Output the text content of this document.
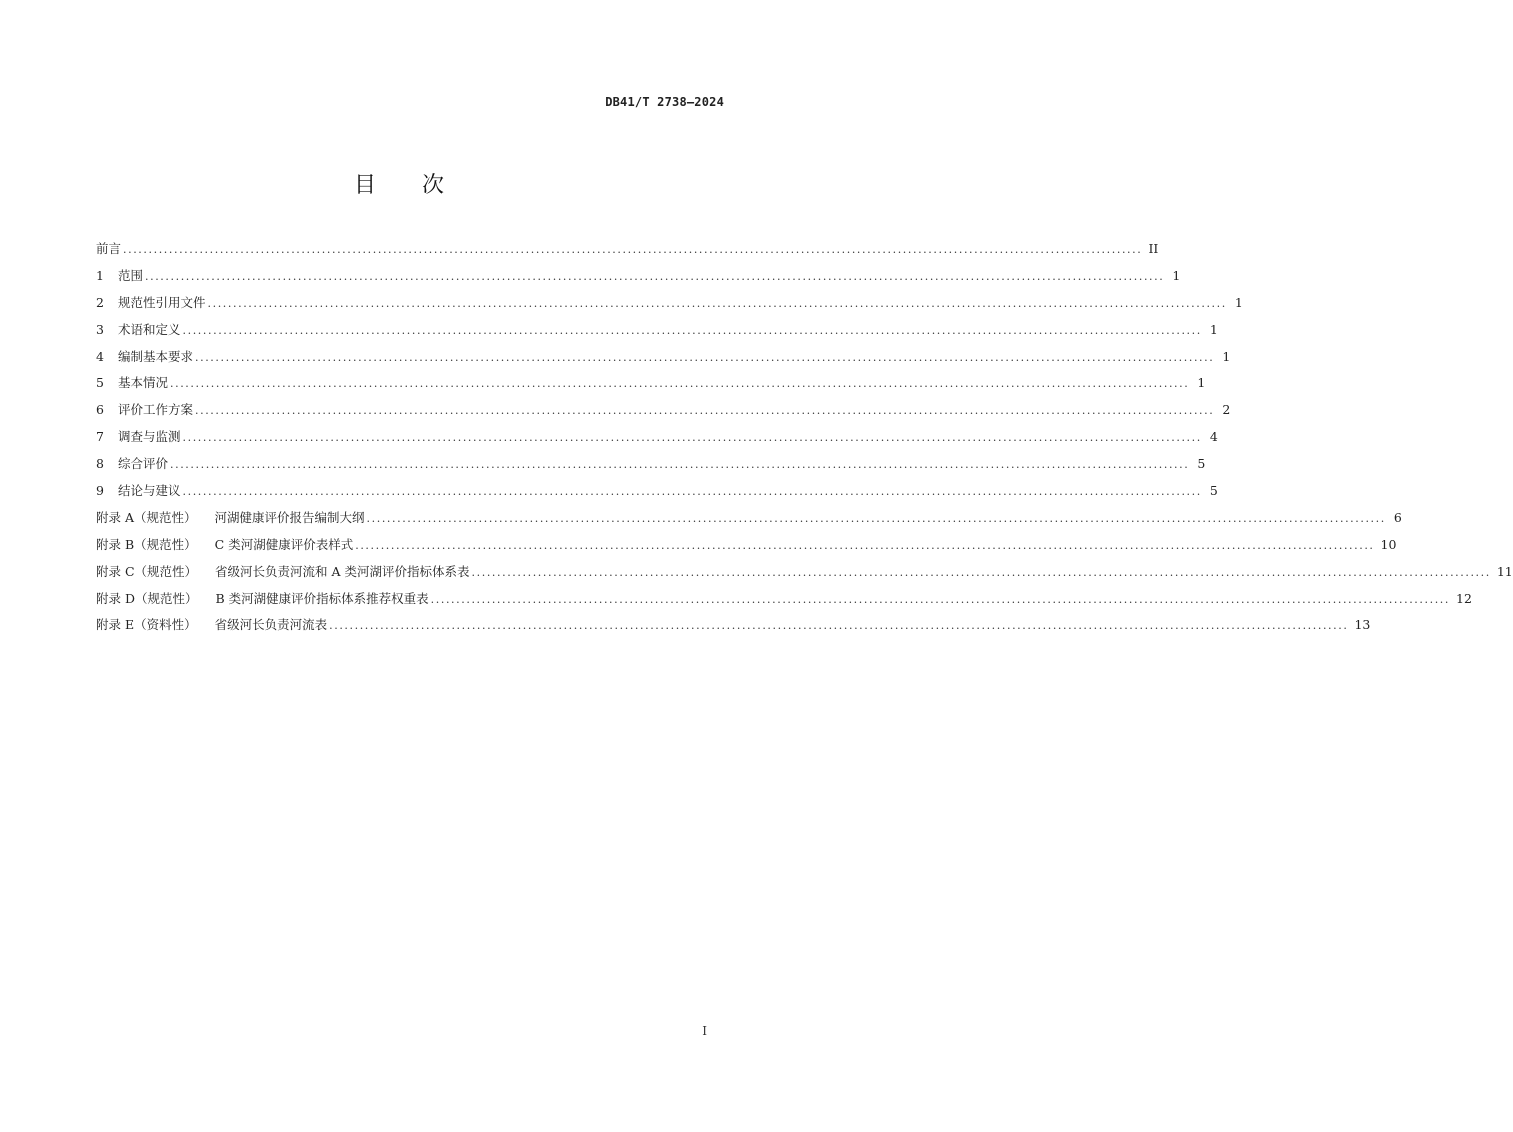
DB41/T 2738—2024
目 次
前言 ........................................................................................................................................................................................................ II
1	范围 ........................................................................................................................................................................................................ 1
2	规范性引用文件 ........................................................................................................................................................................................................ 1
3	术语和定义 ........................................................................................................................................................................................................ 1
4	编制基本要求 ........................................................................................................................................................................................................ 1
5	基本情况 ........................................................................................................................................................................................................ 1
6	评价工作方案 ........................................................................................................................................................................................................ 2
7	调查与监测 ........................................................................................................................................................................................................ 4
8	综合评价 ........................................................................................................................................................................................................ 5
9	结论与建议 ........................................................................................................................................................................................................ 5
附录 A（规范性） 河湖健康评价报告编制大纲 ........................................................................................................................................................................................................ 6
附录 B（规范性） C 类河湖健康评价表样式 ........................................................................................................................................................................................................ 10
附录 C（规范性） 省级河长负责河流和 A 类河湖评价指标体系表 ........................................................................................................................................................................................................ 11
附录 D（规范性） B 类河湖健康评价指标体系推荐权重表 ........................................................................................................................................................................................................ 12
附录 E（资料性） 省级河长负责河流表 ........................................................................................................................................................................................................ 13
I
